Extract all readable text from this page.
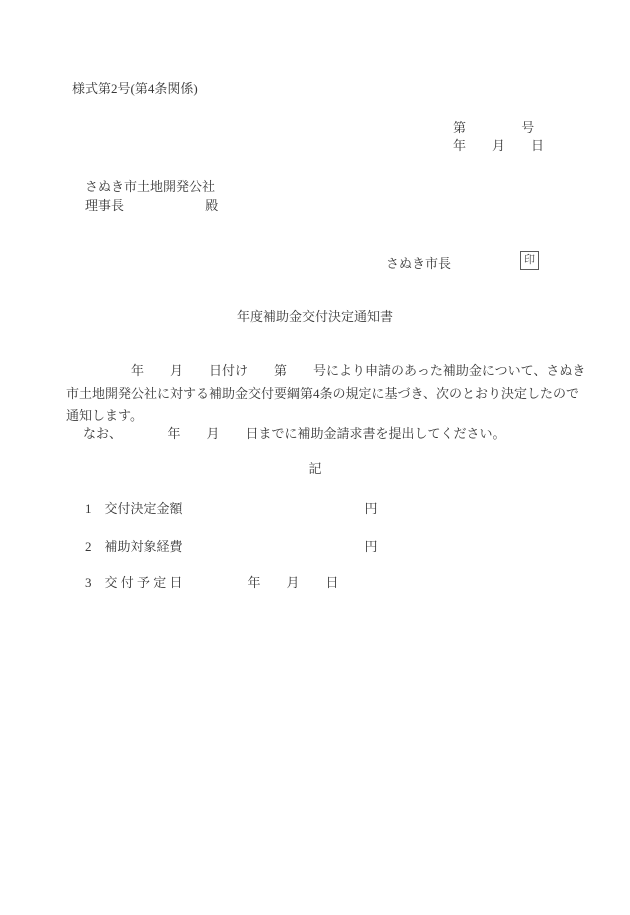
様式第2号(第4条関係)
第　　　　 号
年　　月　　日
さぬき市土地開発公社
理事長　　　　　　 殿
さぬき市長	印
年度補助金交付決定通知書
　　　　　年　　月　　日付け　　第　　号により申請のあった補助金について、さぬき
市土地開発公社に対する補助金交付要綱第4条の規定に基づき、次のとおり決定したので
通知します。
なお、　　　　年　　月　　日までに補助金請求書を提出してください。
記
1　交付決定金額　　　　　　　　　　　　　　円
2　補助対象経費　　　　　　　　　　　　　　円
3　交 付 予 定 日　　　　　年　　月　　日
